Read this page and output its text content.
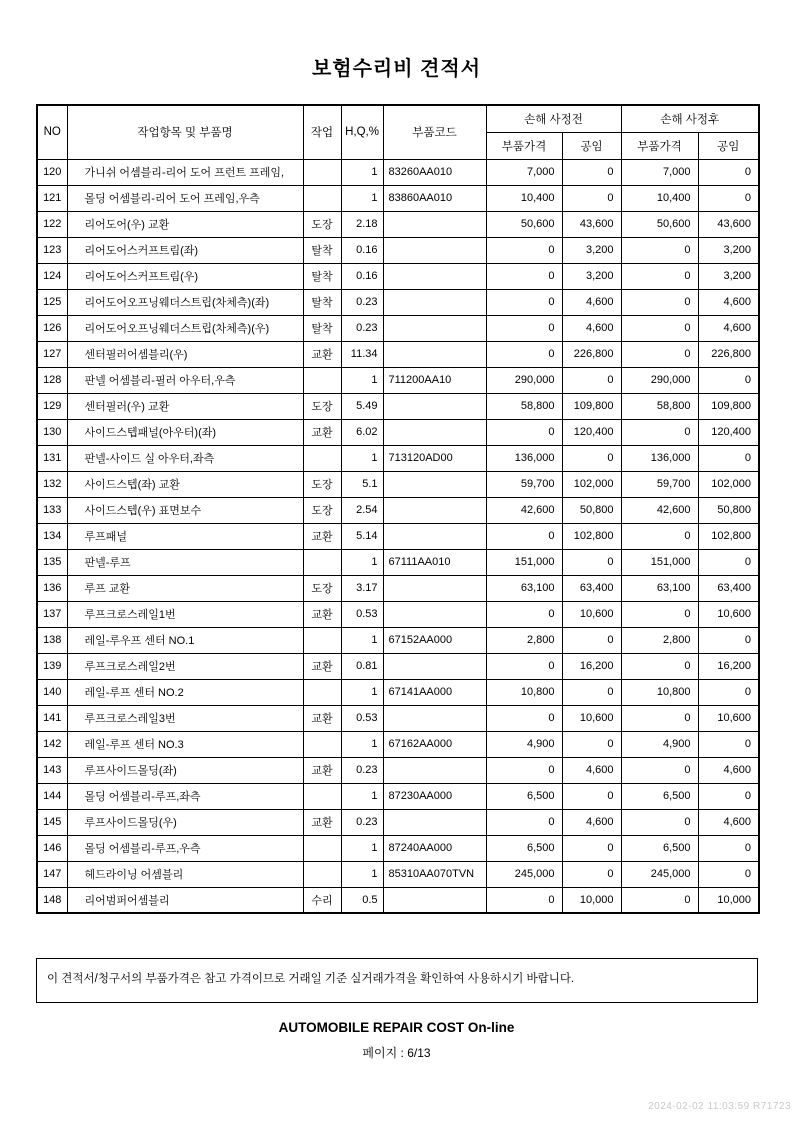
보험수리비 견적서
NO	작업항목 및 부품명	작업	H,Q,%	부품코드	손해 사정전		손해 사정후	
					부품가격	공임	부품가격	공임
120	가니쉬 어셈블리-리어 도어 프런트 프레임,		1	83260AA010	7,000	0	7,000	0
121	몰딩 어셈블리-리어 도어 프레임,우측		1	83860AA010	10,400	0	10,400	0
122	리어도어(우) 교환	도장	2.18		50,600	43,600	50,600	43,600
123	리어도어스커프트림(좌)	탈착	0.16		0	3,200	0	3,200
124	리어도어스커프트림(우)	탈착	0.16		0	3,200	0	3,200
125	리어도어오프닝웨더스트립(차체측)(좌)	탈착	0.23		0	4,600	0	4,600
126	리어도어오프닝웨더스트립(차체측)(우)	탈착	0.23		0	4,600	0	4,600
127	센터필러어셈블리(우)	교환	11.34		0	226,800	0	226,800
128	판넬 어셈블리-필러 아우터,우측		1	711200AA10	290,000	0	290,000	0
129	센터필러(우) 교환	도장	5.49		58,800	109,800	58,800	109,800
130	사이드스텝패널(아우터)(좌)	교환	6.02		0	120,400	0	120,400
131	판넬-사이드 실 아우터,좌측		1	713120AD00	136,000	0	136,000	0
132	사이드스텝(좌) 교환	도장	5.1		59,700	102,000	59,700	102,000
133	사이드스텝(우) 표면보수	도장	2.54		42,600	50,800	42,600	50,800
134	루프패널	교환	5.14		0	102,800	0	102,800
135	판넬-루프		1	67111AA010	151,000	0	151,000	0
136	루프 교환	도장	3.17		63,100	63,400	63,100	63,400
137	루프크로스레일1번	교환	0.53		0	10,600	0	10,600
138	레일-루우프 센터 NO.1		1	67152AA000	2,800	0	2,800	0
139	루프크로스레일2번	교환	0.81		0	16,200	0	16,200
140	레일-루프 센터 NO.2		1	67141AA000	10,800	0	10,800	0
141	루프크로스레일3번	교환	0.53		0	10,600	0	10,600
142	레일-루프 센터 NO.3		1	67162AA000	4,900	0	4,900	0
143	루프사이드몰딩(좌)	교환	0.23		0	4,600	0	4,600
144	몰딩 어셈블리-루프,좌측		1	87230AA000	6,500	0	6,500	0
145	루프사이드몰딩(우)	교환	0.23		0	4,600	0	4,600
146	몰딩 어셈블리-루프,우측		1	87240AA000	6,500	0	6,500	0
147	헤드라이닝 어셈블리		1	85310AA070TVN	245,000	0	245,000	0
148	리어범퍼어셈블리	수리	0.5		0	10,000	0	10,000
이 견적서/청구서의 부품가격은 참고 가격이므로 거래일 기준 실거래가격을 확인하여 사용하시기 바랍니다.
AUTOMOBILE REPAIR COST On-line
페이지 : 6/13
2024-02-02 11:03:59 R71723
